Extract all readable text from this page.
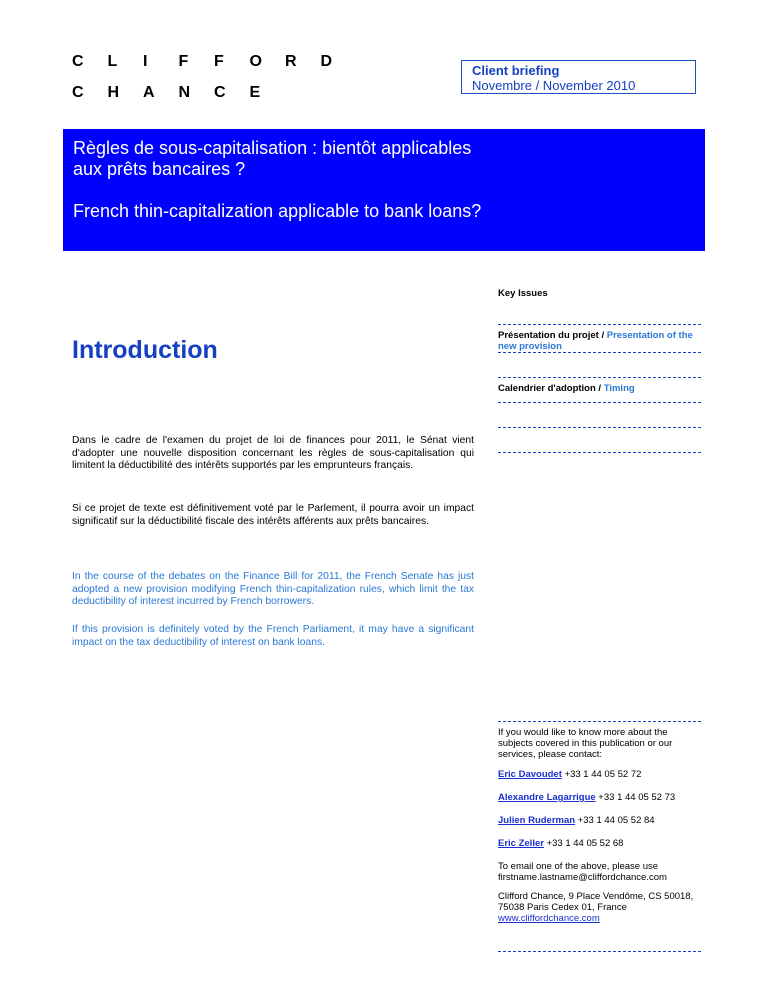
C L I F F O R D
C H A N C E
Client briefing
Novembre / November 2010

Règles de sous-capitalisation : bientôt applicables aux prêts bancaires ?

French thin-capitalization applicable to bank loans?

Key Issues
Présentation du projet / Presentation of the new provision
Calendrier d'adoption / Timing
Introduction

Dans le cadre de l'examen du projet de loi de finances pour 2011, le Sénat vient d'adopter une nouvelle disposition concernant les règles de sous-capitalisation qui limitent la déductibilité des intérêts supportés par les emprunteurs français.

Si ce projet de texte est définitivement voté par le Parlement, il pourra avoir un impact significatif sur la déductibilité fiscale des intérêts afférents aux prêts bancaires.

In the course of the debates on the Finance Bill for 2011, the French Senate has just adopted a new provision modifying French thin-capitalization rules, which limit the tax deductibility of interest incurred by French borrowers.

If this provision is definitely voted by the French Parliament, it may have a significant impact on the tax deductibility of interest on bank loans.

If you would like to know more about the subjects covered in this publication or our services, please contact:

Eric Davoudet +33 1 44 05 52 72

Alexandre Lagarrigue +33 1 44 05 52 73

Julien Ruderman +33 1 44 05 52 84

Eric Zeller +33 1 44 05 52 68

To email one of the above, please use firstname.lastname@cliffordchance.com

Clifford Chance, 9 Place Vendôme, CS 50018, 75038 Paris Cedex 01, France
www.cliffordchance.com
